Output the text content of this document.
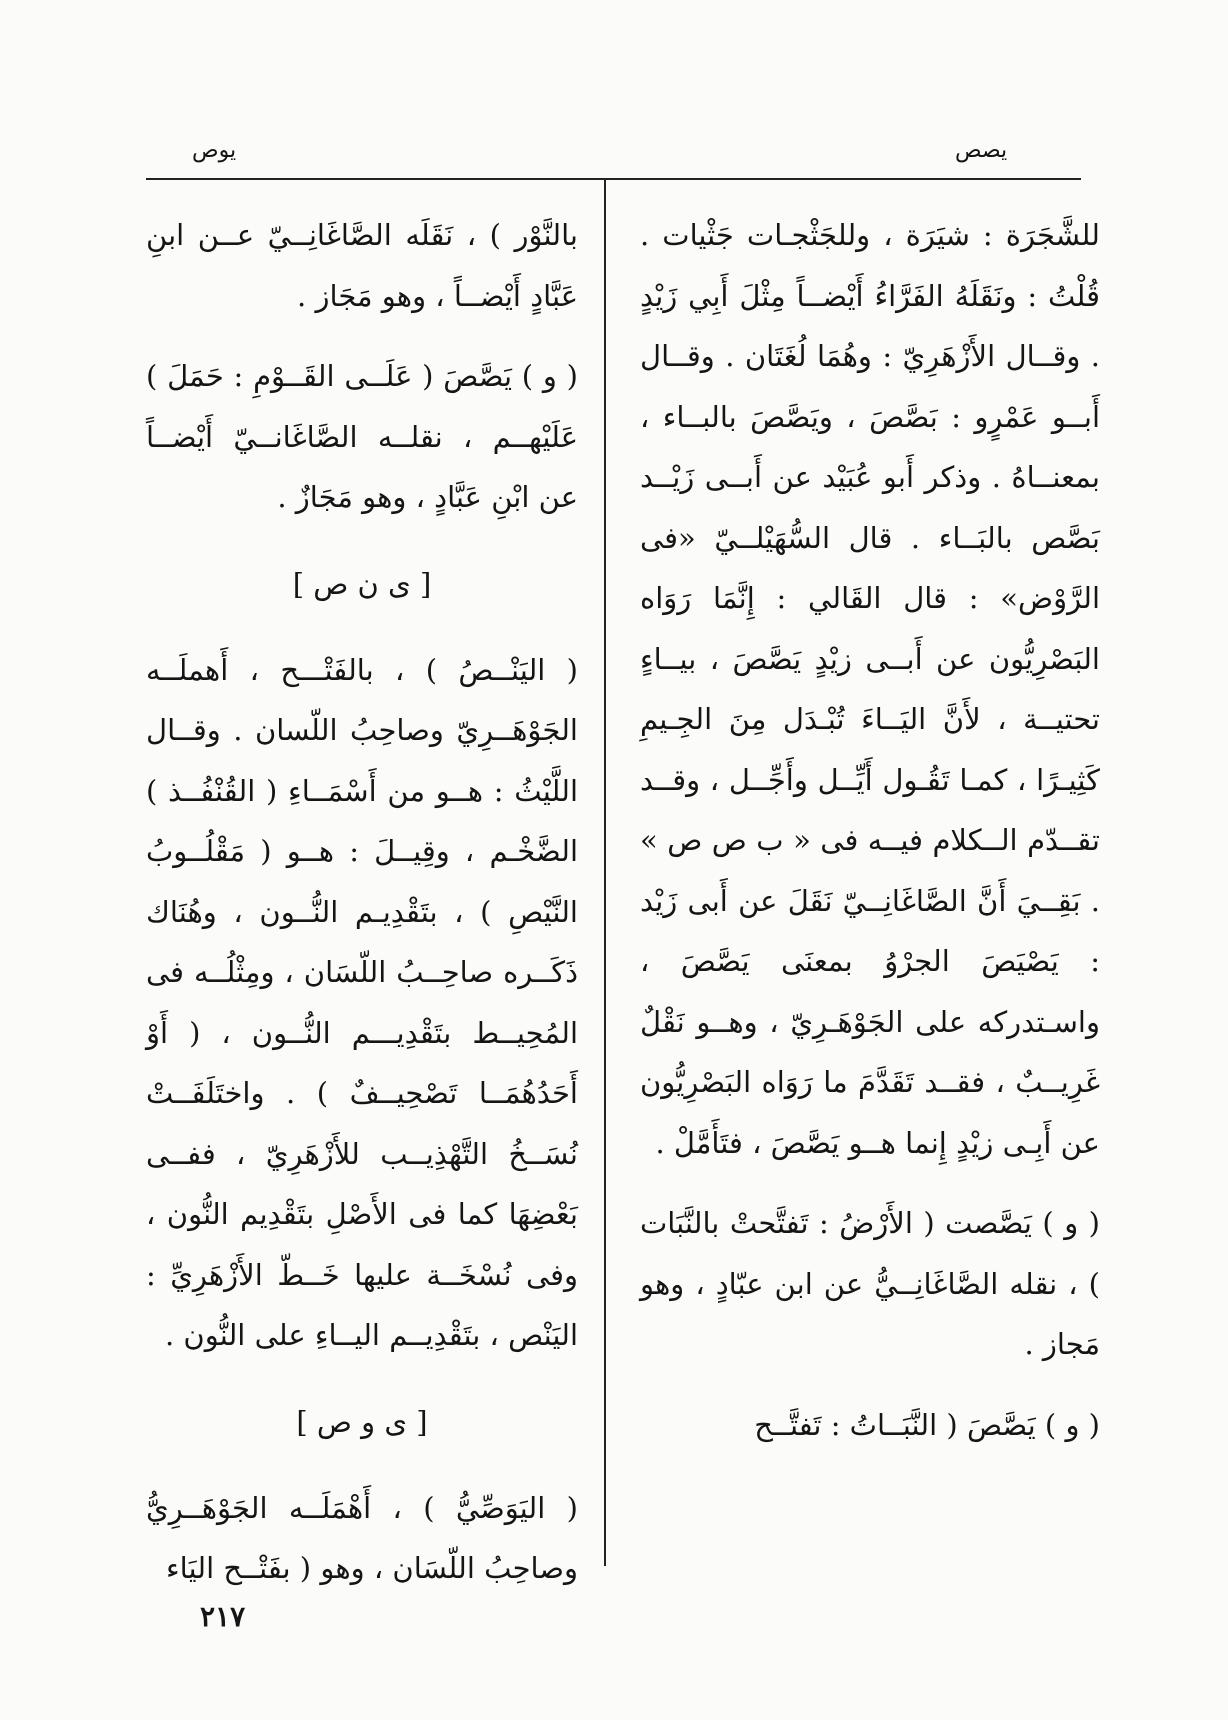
يصص
يوص

للشَّجَرَة : شيَرَة ، وللجَثْجـات جَثْيات . قُلْتُ : ونَقَلَهُ الفَرَّاءُ أَيْضــاً مِثْلَ أَبِي زَيْدٍ . وقــال الأَزْهَرِيّ : وهُمَا لُغَتَان . وقــال أَبــو عَمْرٍو : بَصَّصَ ، ويَصَّصَ بالبــاء ، بمعنــاهُ . وذكر أَبو عُبَيْد عن أَبــى زَيْــد بَصَّص بالبَــاء . قال السُّهَيْلــيّ «فى الرَّوْض» : قال القَالي : إِنَّمَا رَوَاه البَصْرِيُّون عن أَبــى زيْدٍ يَصَّصَ ، بيــاءٍ تحتيــة ، لأَنَّ اليَــاءَ تُبْـدَل مِنَ الجِـيمِ كَثِيـرًا ، كمـا تَقُـول أَيِّــل وأَجِّــل ، وقــد تقــدّم الــكلام فيــه فى « ب ص ص » . بَقِــيَ أَنَّ الصَّاغَانِــيّ نَقَلَ عن أَبى زَيْد : يَصْيَصَ الجرْوُ بمعنَى يَصَّصَ ، واسـتدركه على الجَوْهَـرِيّ ، وهــو نَقْلٌ غَرِيــبٌ ، فقــد تَقَدَّمَ ما رَوَاه البَصْرِيُّون عن أَبِـى زيْدٍ إِنما هــو يَصَّصَ ، فتَأَمَّلْ .

( و ) يَصَّصت ( الأَرْضُ : تَفتَّحتْ بالنَّبَات ) ، نقله الصَّاغَانِــيُّ عن ابن عبّادٍ ، وهو مَجاز .

( و ) يَصَّصَ ( النَّبَــاتُ : تَفتَّــح

بالنَّوْر ) ، نَقَلَه الصَّاغَانِــيّ عــن ابنِ عَبَّادٍ أَيْضــاً ، وهو مَجَاز .

( و ) يَصَّصَ ( عَلَــى القَــوْمِ : حَمَلَ ) عَلَيْهــم ، نقلــه الصَّاغَانــيّ أَيْضــاً عن ابْنِ عَبَّادٍ ، وهو مَجَازٌ .

[ ى ن ص ]

( اليَنْــصُ ) ، بالفَتْـــح ، أَهملَــه الجَوْهَــرِيّ وصاحِبُ اللّسان . وقــال اللَّيْثُ : هــو من أَسْمَــاءِ ( القُنْفُــذ ) الضَّخْـم ، وقِيــلَ : هــو ( مَقْلُــوبُ النَّيْصِ ) ، بتَقْدِيـم النُّــون ، وهُنَاك ذَكَــره صاحِــبُ اللّسَان ، ومِثْلُــه فى المُحِيــط بتَقْدِيـــم النُّــون ، ( أَوْ أَحَدُهُمَــا تَصْحِيــفٌ ) . واختَلَفَــتْ نُسَــخُ التَّهْذِيــب للأَزْهَرِيّ ، ففــى بَعْضِهَا كما فى الأَصْلِ بتَقْدِيم النُّون ، وفى نُسْخَــة عليها خَــطّ الأَزْهَرِيِّ : اليَنْص ، بتَقْدِيــم اليــاءِ على النُّون .

[ ى و ص ]

( اليَوَصِّيُّ ) ، أَهْمَلَــه الجَوْهَــرِيُّ وصاحِبُ اللّسَان ، وهو ( بفَتْــح اليَاء

٢١٧
